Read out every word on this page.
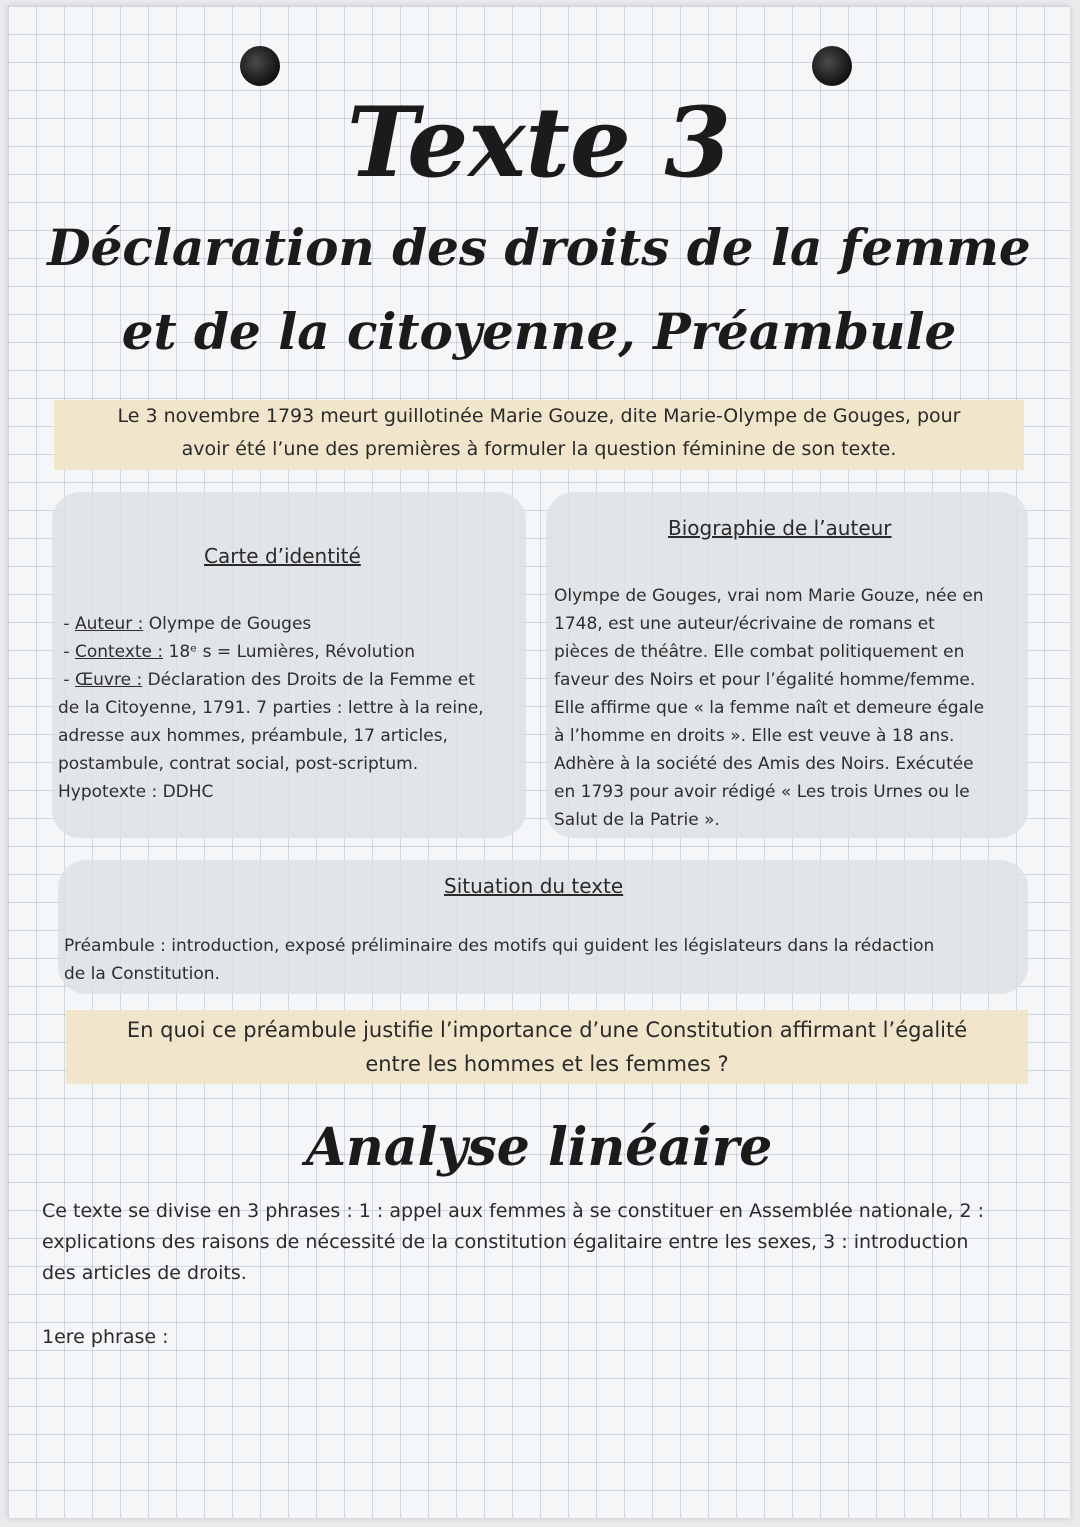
Texte 3
Déclaration des droits de la femme
et de la citoyenne, Préambule
Le 3 novembre 1793 meurt guillotinée Marie Gouze, dite Marie-Olympe de Gouges, pour
avoir été l’une des premières à formuler la question féminine de son texte.
Carte d’identité
- Auteur : Olympe de Gouges
- Contexte : 18ᵉ s = Lumières, Révolution
- Œuvre : Déclaration des Droits de la Femme et
de la Citoyenne, 1791. 7 parties : lettre à la reine,
adresse aux hommes, préambule, 17 articles,
postambule, contrat social, post-scriptum.
Hypotexte : DDHC
Biographie de l’auteur
Olympe de Gouges, vrai nom Marie Gouze, née en
1748, est une auteur/écrivaine de romans et
pièces de théâtre. Elle combat politiquement en
faveur des Noirs et pour l’égalité homme/femme.
Elle affirme que « la femme naît et demeure égale
à l’homme en droits ». Elle est veuve à 18 ans.
Adhère à la société des Amis des Noirs. Exécutée
en 1793 pour avoir rédigé « Les trois Urnes ou le
Salut de la Patrie ».
Situation du texte
Préambule : introduction, exposé préliminaire des motifs qui guident les législateurs dans la rédaction
de la Constitution.
En quoi ce préambule justifie l’importance d’une Constitution affirmant l’égalité
entre les hommes et les femmes ?
Analyse linéaire
Ce texte se divise en 3 phrases : 1 : appel aux femmes à se constituer en Assemblée nationale, 2 :
explications des raisons de nécessité de la constitution égalitaire entre les sexes, 3 : introduction
des articles de droits.
1ere phrase :
